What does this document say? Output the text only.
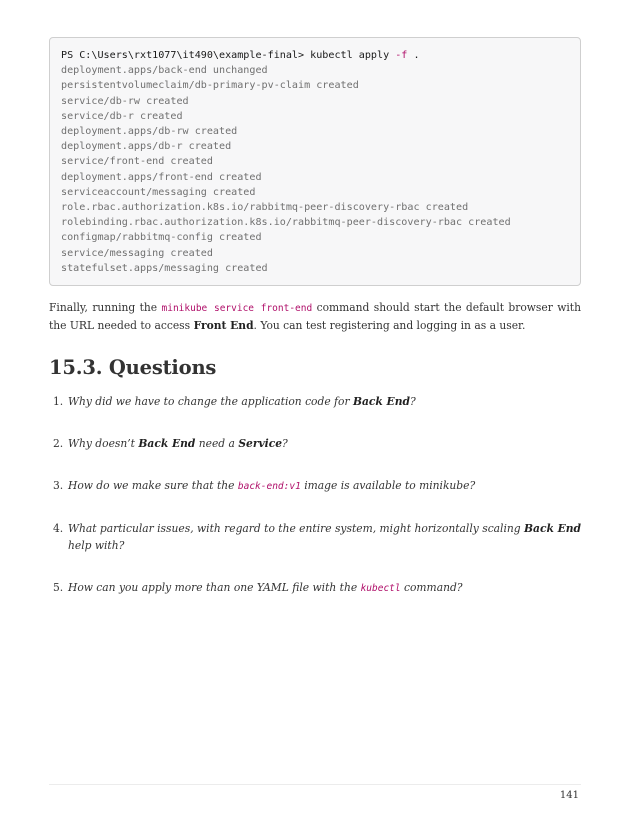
PS C:\Users\rxt1077\it490\example-final> kubectl apply -f .

deployment.apps/back-end unchanged
persistentvolumeclaim/db-primary-pv-claim created
service/db-rw created
service/db-r created
deployment.apps/db-rw created
deployment.apps/db-r created
service/front-end created
deployment.apps/front-end created
serviceaccount/messaging created
role.rbac.authorization.k8s.io/rabbitmq-peer-discovery-rbac created
rolebinding.rbac.authorization.k8s.io/rabbitmq-peer-discovery-rbac created
configmap/rabbitmq-config created
service/messaging created
statefulset.apps/messaging created

Finally, running the minikube service front-end command should start the default browser with the URL needed to access Front End. You can test registering and logging in as a user.

15.3. Questions
1. Why did we have to change the application code for Back End?
2. Why doesn’t Back End need a Service?
3. How do we make sure that the back-end:v1 image is available to minikube?
4. What particular issues, with regard to the entire system, might horizontally scaling Back End help with?
5. How can you apply more than one YAML file with the kubectl command?
141
